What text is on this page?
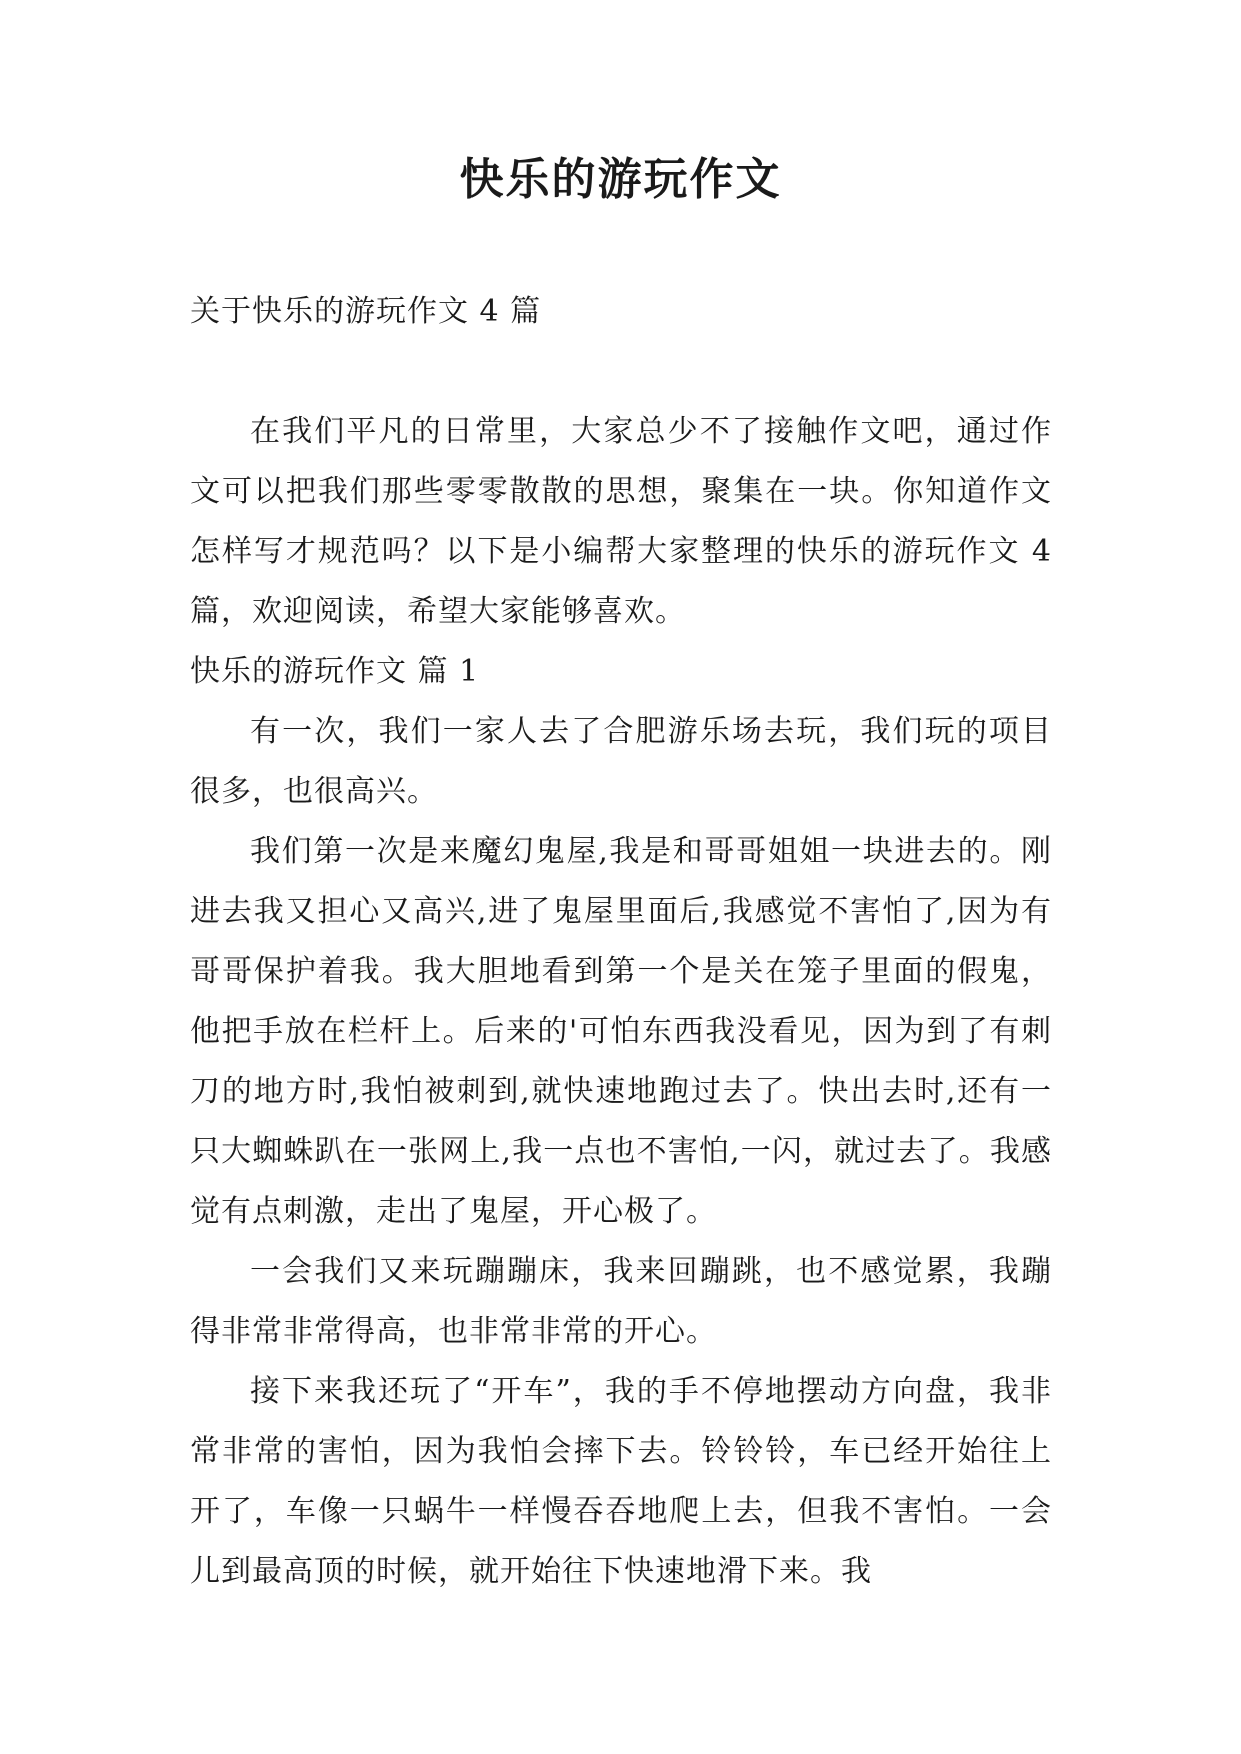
快乐的游玩作文
关于快乐的游玩作文 4 篇

在我们平凡的日常里，大家总少不了接触作文吧，通过作文可以把我们那些零零散散的思想，聚集在一块。你知道作文怎样写才规范吗？以下是小编帮大家整理的快乐的游玩作文 4 篇，欢迎阅读，希望大家能够喜欢。

快乐的游玩作文 篇 1

有一次，我们一家人去了合肥游乐场去玩，我们玩的项目很多，也很高兴。

我们第一次是来魔幻鬼屋,我是和哥哥姐姐一块进去的。刚进去我又担心又高兴,进了鬼屋里面后,我感觉不害怕了,因为有哥哥保护着我。我大胆地看到第一个是关在笼子里面的假鬼，他把手放在栏杆上。后来的'可怕东西我没看见，因为到了有刺刀的地方时,我怕被刺到,就快速地跑过去了。快出去时,还有一只大蜘蛛趴在一张网上,我一点也不害怕,一闪，就过去了。我感觉有点刺激，走出了鬼屋，开心极了。

一会我们又来玩蹦蹦床，我来回蹦跳，也不感觉累，我蹦得非常非常得高，也非常非常的开心。

接下来我还玩了“开车”，我的手不停地摆动方向盘，我非常非常的害怕，因为我怕会摔下去。铃铃铃，车已经开始往上开了，车像一只蜗牛一样慢吞吞地爬上去，但我不害怕。一会儿到最高顶的时候，就开始往下快速地滑下来。我
